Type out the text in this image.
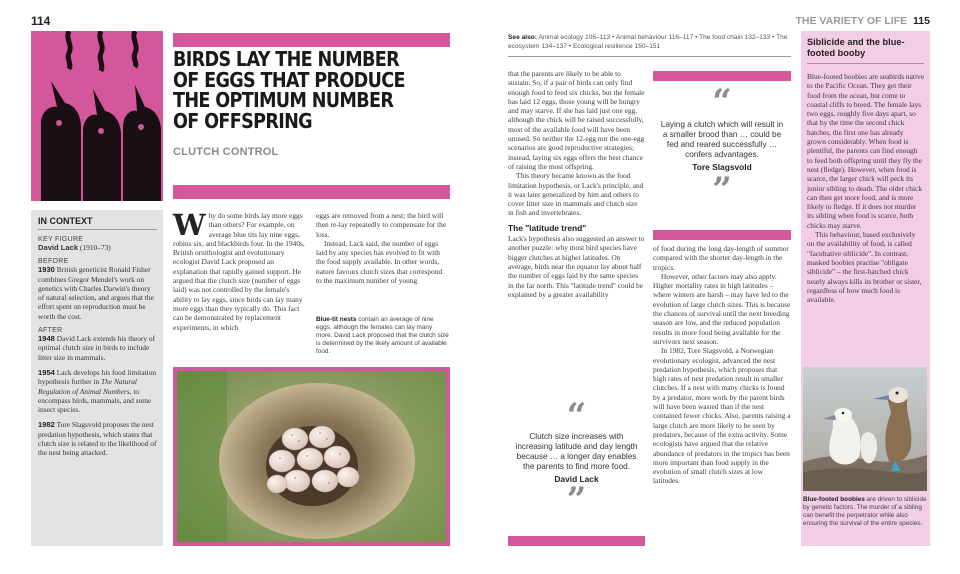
114
BIRDS LAY THE NUMBER OF EGGS THAT PRODUCE THE OPTIMUM NUMBER OF OFFSPRING
CLUTCH CONTROL
IN CONTEXT
KEY FIGURE
David Lack (1910–73)
BEFORE
1930 British geneticist Ronald Fisher combines Gregor Mendel's work on genetics with Charles Darwin's theory of natural selection, and argues that the effort spent on reproduction must be worth the cost.
AFTER
1948 David Lack extends his theory of optimal clutch size in birds to include litter size in mammals.
1954 Lack develops his food limitation hypothesis further in The Natural Regulation of Animal Numbers, to encompass birds, mammals, and some insect species.
1982 Tore Slagsvold proposes the nest predation hypothesis, which states that clutch size is related to the likelihood of the nest being attacked.

Why do some birds lay more eggs than others? For example, on average blue tits lay nine eggs, robins six, and blackbirds four. In the 1940s, British ornithologist and evolutionary ecologist David Lack proposed an explanation that rapidly gained support. He argued that the clutch size (number of eggs laid) was not controlled by the female's ability to lay eggs, since birds can lay many more eggs than they typically do. This fact can be demonstrated by replacement experiments, in which

eggs are removed from a nest; the bird will then re-lay repeatedly to compensate for the loss.

Instead, Lack said, the number of eggs laid by any species has evolved to fit with the food supply available. In other words, nature favours clutch sizes that correspond to the maximum number of young

Blue-tit nests contain an average of nine eggs, although the females can lay many more. David Lack proposed that the clutch size is determined by the likely amount of available food.
See also: Animal ecology 106–113 • Animal behaviour 116–117 • The food chain 132–133 • The ecosystem 134–137 • Ecological resilience 150–151
THE VARIETY OF LIFE 115

that the parents are likely to be able to sustain. So, if a pair of birds can only find enough food to feed six chicks, but the female has laid 12 eggs, those young will be hungry and may starve. If she has laid just one egg, although the chick will be raised successfully, most of the available food will have been unused. So neither the 12-egg nor the one-egg scenarios are good reproductive strategies; instead, laying six eggs offers the best chance of raising the most offspring.

This theory became known as the food limitation hypothesis, or Lack's principle, and it was later generalized by him and others to cover litter size in mammals and clutch size in fish and invertebrates.

The "latitude trend"

Lack's hypothesis also suggested an answer to another puzzle: why most bird species have bigger clutches at higher latitudes. On average, birds near the equator lay about half the number of eggs laid by the same species in the far north. This "latitude trend" could be explained by a greater availability

“
Clutch size increases with increasing latitude and day length because … a longer day enables the parents to find more food.
David Lack
”
“
Laying a clutch which will result in a smaller brood than … could be fed and reared successfully … confers advantages.
Tore Slagsvold
”

of food during the long day-length of summer compared with the shorter day-length in the tropics.

However, other factors may also apply. Higher mortality rates in high latitudes – where winters are harsh – may have led to the evolution of large clutch sizes. This is because the chances of survival until the next breeding season are low, and the reduced population results in more food being available for the survivors next season.

In 1982, Tore Slagsvold, a Norwegian evolutionary ecologist, advanced the nest predation hypothesis, which proposes that high rates of nest predation result in smaller clutches. If a nest with many chicks is found by a predator, more work by the parent birds will have been wasted than if the nest contained fewer chicks. Also, parents raising a large clutch are more likely to be seen by predators, because of the extra activity. Some ecologists have argued that the relative abundance of predators in the tropics has been more important than food supply in the evolution of small clutch sizes at low latitudes.

Siblicide and the blue-footed booby

Blue-footed boobies are seabirds native to the Pacific Ocean. They get their food from the ocean, but come to coastal cliffs to breed. The female lays two eggs, roughly five days apart, so that by the time the second chick hatches, the first one has already grown considerably. When food is plentiful, the parents can find enough to feed both offspring until they fly the nest (fledge). However, when food is scarce, the larger chick will peck its junior sibling to death. The older chick can then get more food, and is more likely to fledge. If it does not murder its sibling when food is scarce, both chicks may starve.

This behaviour, based exclusively on the availability of food, is called "facultative siblicide". In contrast, masked boobies practise "obligate siblicide" – the first-hatched chick nearly always kills its brother or sister, regardless of how much food is available.

Blue-footed boobies are driven to siblicide by genetic factors. The murder of a sibling can benefit the perpetrator while also ensuring the survival of the entire species.
